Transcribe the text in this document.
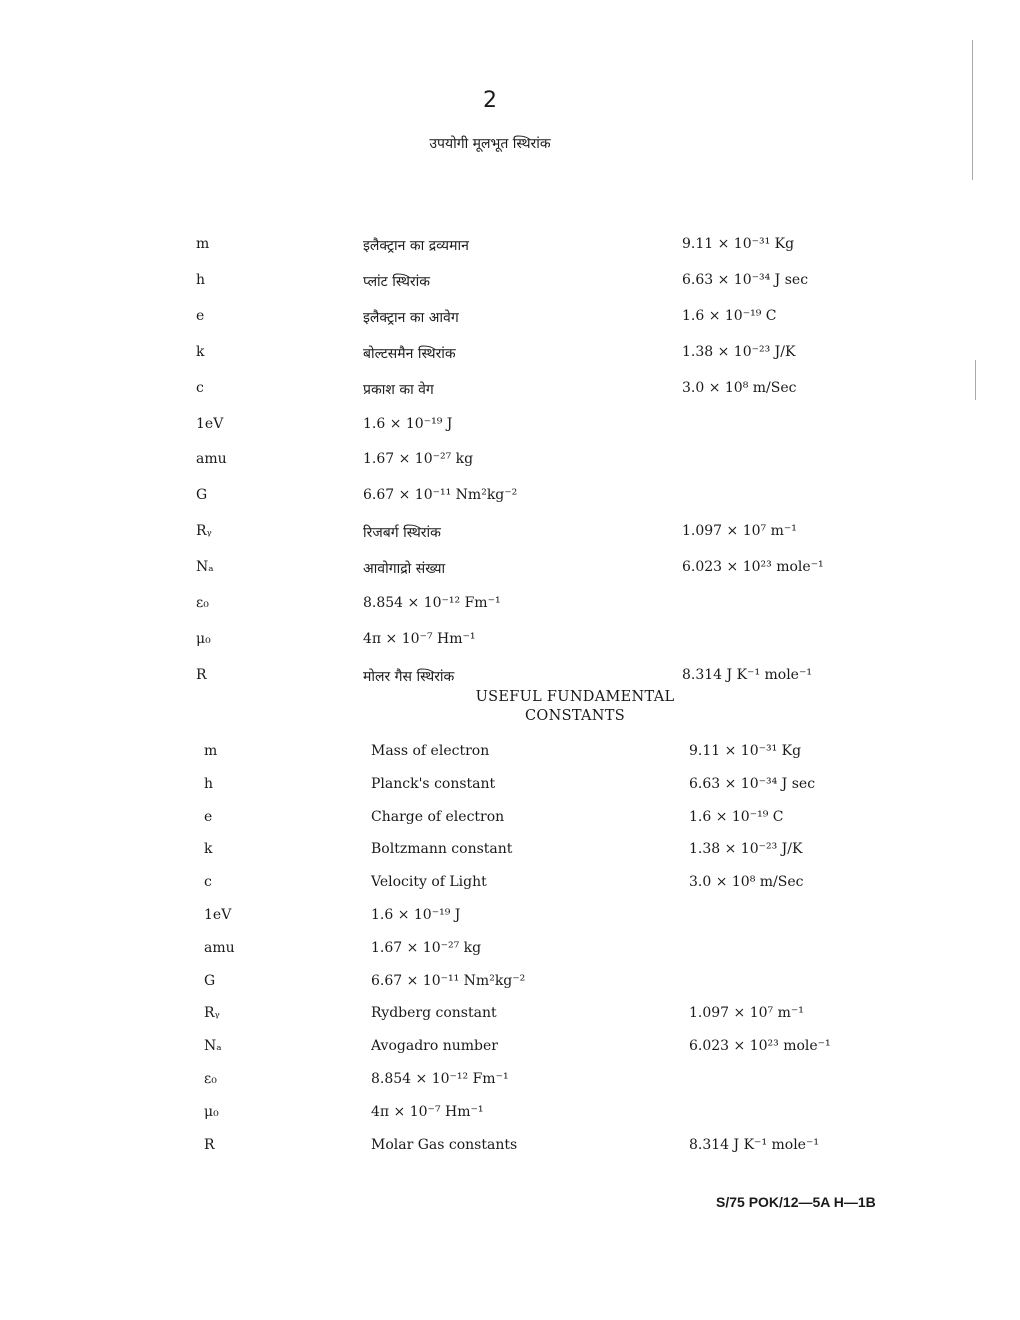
2
उपयोगी मूलभूत स्थिरांक
m	इलैक्ट्रान का द्रव्यमान	9.11 × 10⁻³¹ Kg
h	प्लांट स्थिरांक	6.63 × 10⁻³⁴ J sec
e	इलैक्ट्रान का आवेग	1.6 × 10⁻¹⁹ C
k	बोल्टसमैन स्थिरांक	1.38 × 10⁻²³ J/K
c	प्रकाश का वेग	3.0 × 10⁸ m/Sec
1eV	1.6 × 10⁻¹⁹ J
amu	1.67 × 10⁻²⁷ kg
G	6.67 × 10⁻¹¹ Nm²kg⁻²
Rᵧ	रिजबर्ग स्थिरांक	1.097 × 10⁷ m⁻¹
Nₐ	आवोगाद्रो संख्या	6.023 × 10²³ mole⁻¹
ε₀	8.854 × 10⁻¹² Fm⁻¹
μ₀	4π × 10⁻⁷ Hm⁻¹
R	मोलर गैस स्थिरांक	8.314 J K⁻¹ mole⁻¹
USEFUL FUNDAMENTAL
CONSTANTS
m	Mass of electron	9.11 × 10⁻³¹ Kg
h	Planck's constant	6.63 × 10⁻³⁴ J sec
e	Charge of electron	1.6 × 10⁻¹⁹ C
k	Boltzmann constant	1.38 × 10⁻²³ J/K
c	Velocity of Light	3.0 × 10⁸ m/Sec
1eV	1.6 × 10⁻¹⁹ J
amu	1.67 × 10⁻²⁷ kg
G	6.67 × 10⁻¹¹ Nm²kg⁻²
Rᵧ	Rydberg constant	1.097 × 10⁷ m⁻¹
Nₐ	Avogadro number	6.023 × 10²³ mole⁻¹
ε₀	8.854 × 10⁻¹² Fm⁻¹
μ₀	4π × 10⁻⁷ Hm⁻¹
R	Molar Gas constants	8.314 J K⁻¹ mole⁻¹
S/75 POK/12—5A H—1B
